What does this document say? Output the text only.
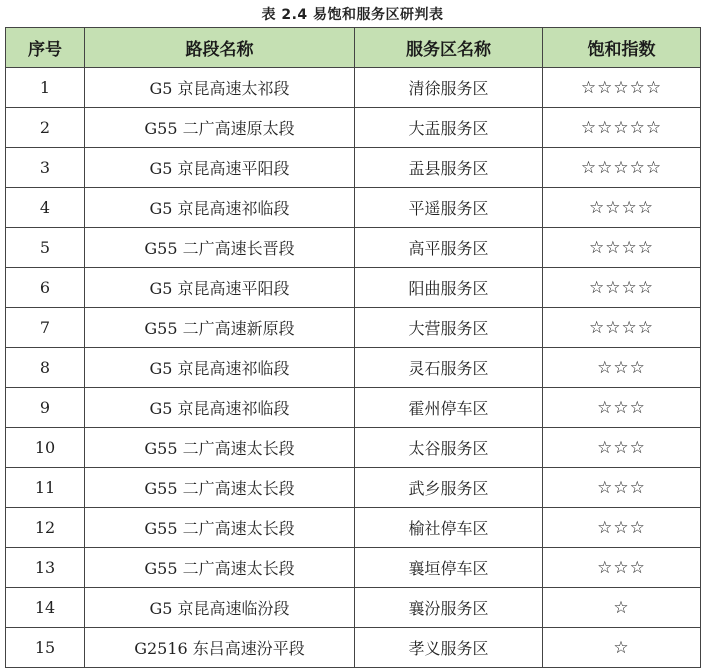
表 2.4 易饱和服务区研判表
序号	路段名称	服务区名称	饱和指数
1	G5 京昆高速太祁段	清徐服务区	☆☆☆☆☆
2	G55 二广高速原太段	大盂服务区	☆☆☆☆☆
3	G5 京昆高速平阳段	盂县服务区	☆☆☆☆☆
4	G5 京昆高速祁临段	平遥服务区	☆☆☆☆
5	G55 二广高速长晋段	高平服务区	☆☆☆☆
6	G5 京昆高速平阳段	阳曲服务区	☆☆☆☆
7	G55 二广高速新原段	大营服务区	☆☆☆☆
8	G5 京昆高速祁临段	灵石服务区	☆☆☆
9	G5 京昆高速祁临段	霍州停车区	☆☆☆
10	G55 二广高速太长段	太谷服务区	☆☆☆
11	G55 二广高速太长段	武乡服务区	☆☆☆
12	G55 二广高速太长段	榆社停车区	☆☆☆
13	G55 二广高速太长段	襄垣停车区	☆☆☆
14	G5 京昆高速临汾段	襄汾服务区	☆
15	G2516 东吕高速汾平段	孝义服务区	☆
